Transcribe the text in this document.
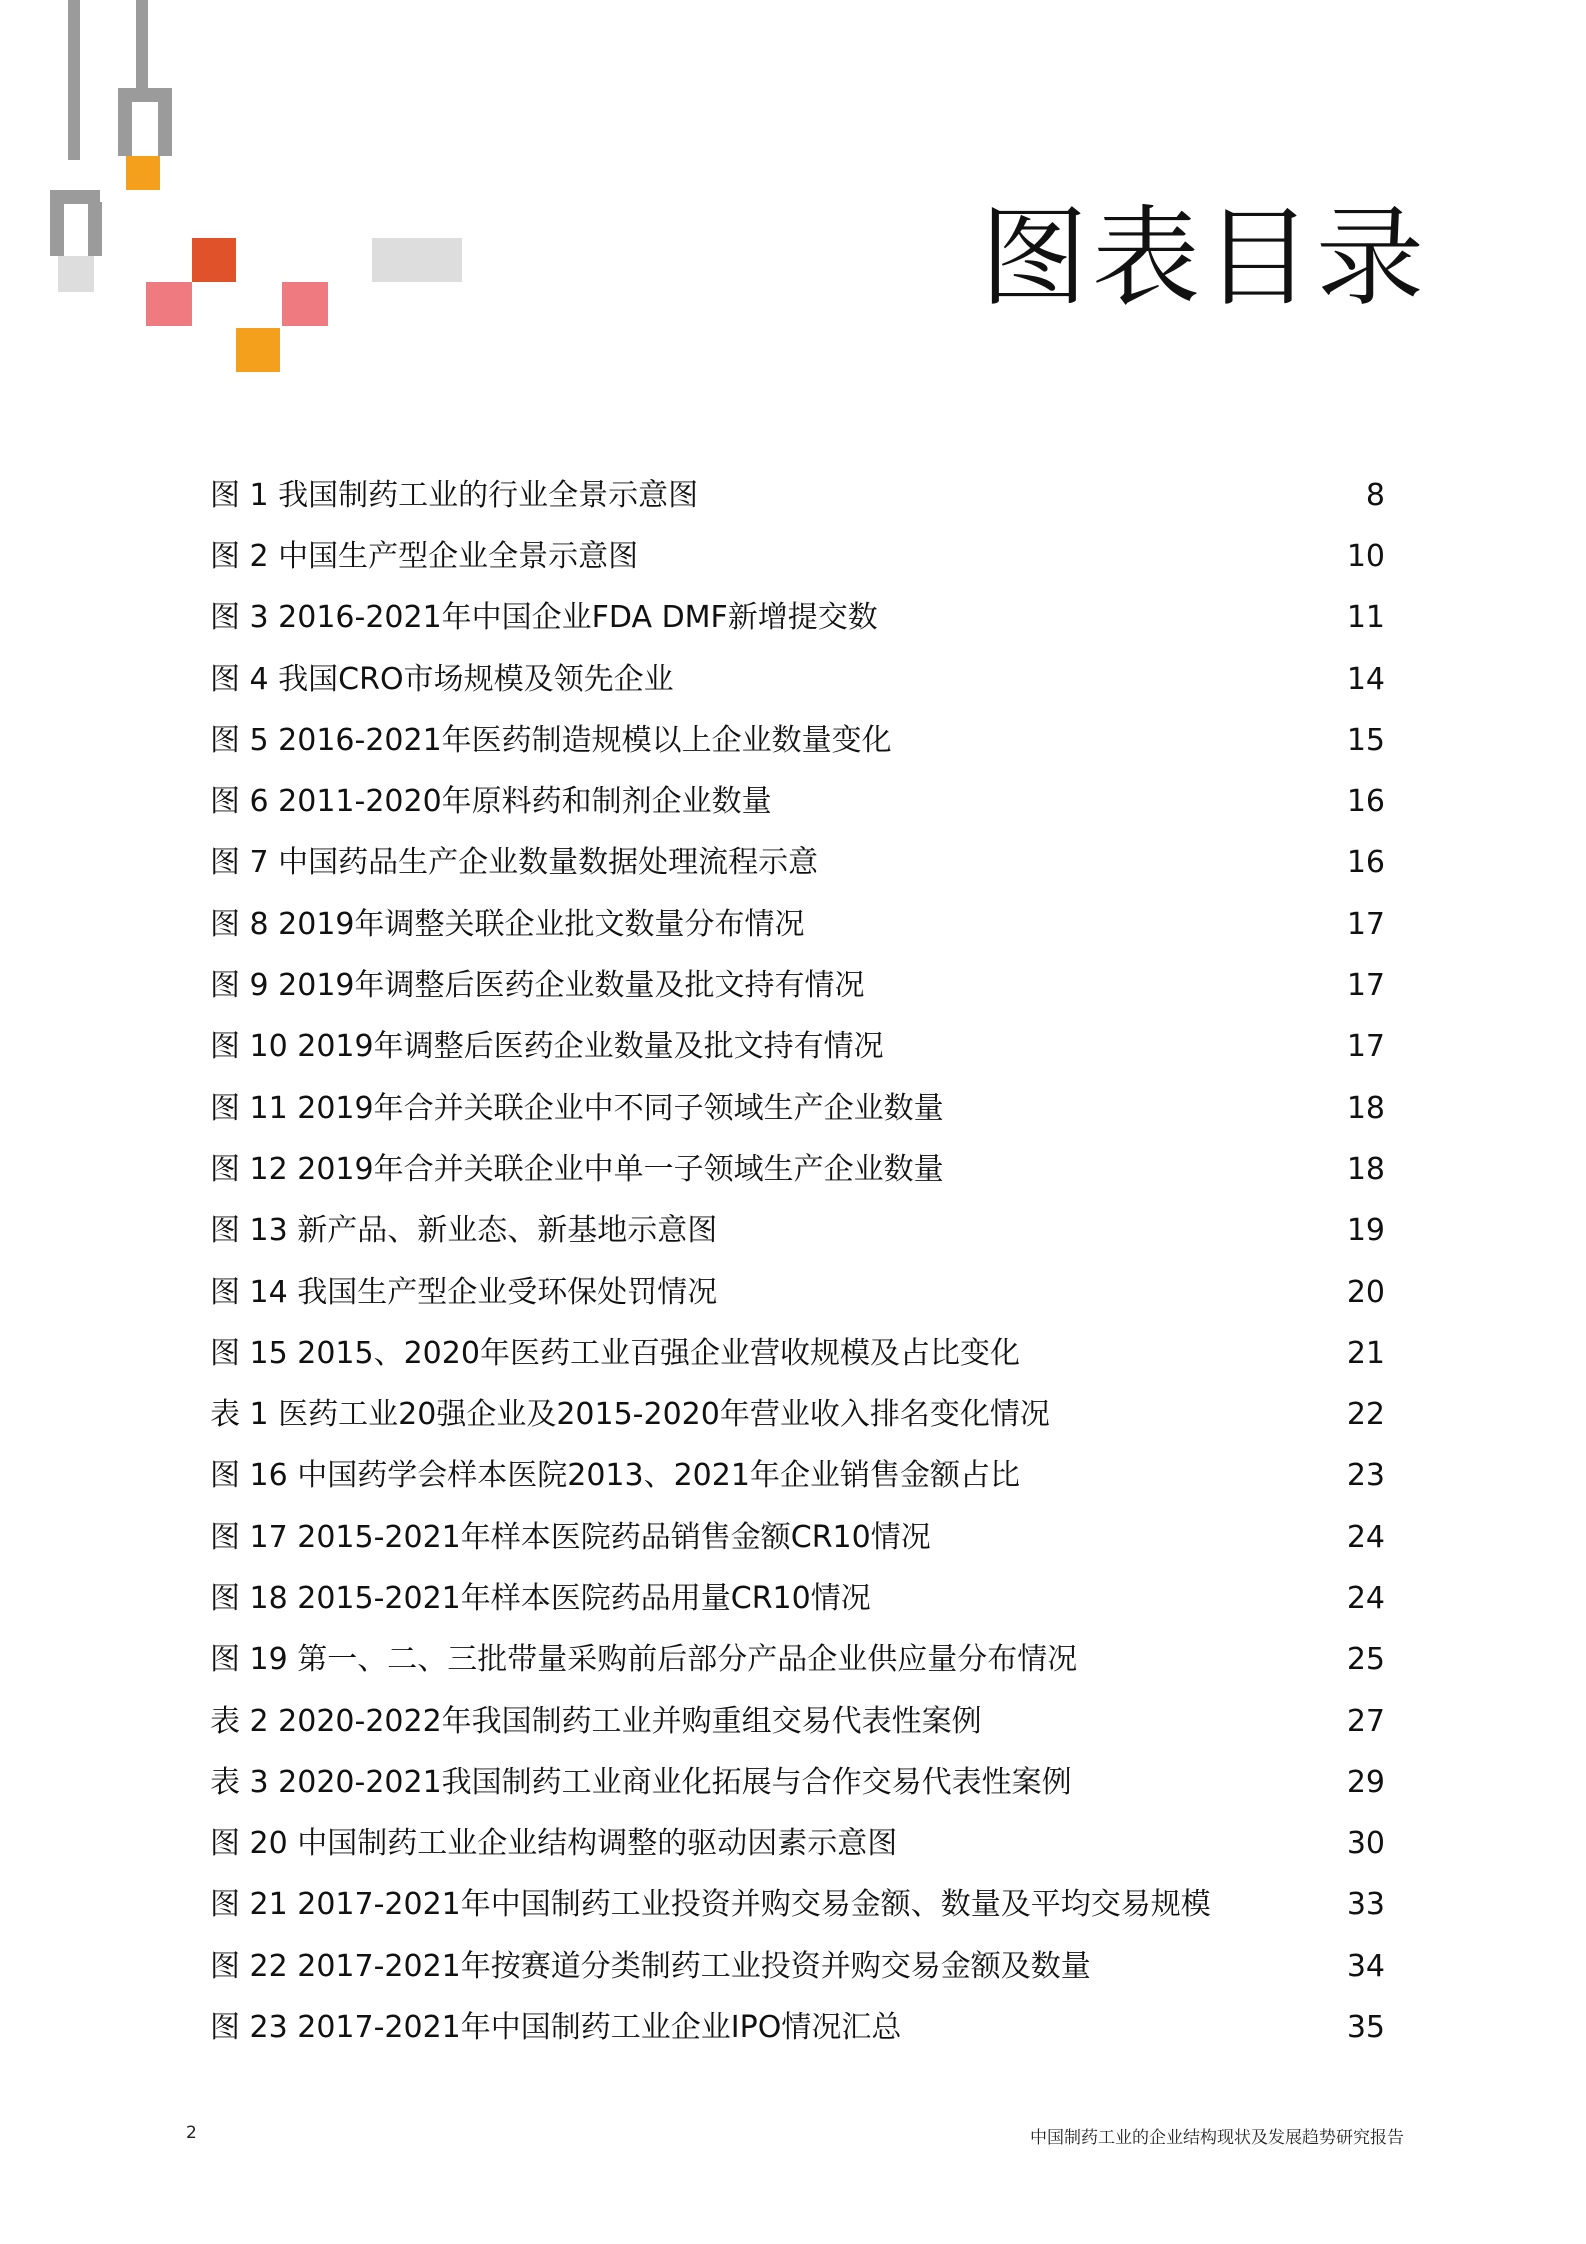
图表目录
图 1 我国制药工业的行业全景示意图	8
图 2 中国生产型企业全景示意图	10
图 3 2016-2021年中国企业FDA DMF新增提交数	11
图 4 我国CRO市场规模及领先企业	14
图 5 2016-2021年医药制造规模以上企业数量变化	15
图 6 2011-2020年原料药和制剂企业数量	16
图 7 中国药品生产企业数量数据处理流程示意	16
图 8 2019年调整关联企业批文数量分布情况	17
图 9 2019年调整后医药企业数量及批文持有情况	17
图 10 2019年调整后医药企业数量及批文持有情况	17
图 11 2019年合并关联企业中不同子领域生产企业数量	18
图 12 2019年合并关联企业中单一子领域生产企业数量	18
图 13 新产品、新业态、新基地示意图	19
图 14 我国生产型企业受环保处罚情况	20
图 15 2015、2020年医药工业百强企业营收规模及占比变化	21
表 1 医药工业20强企业及2015-2020年营业收入排名变化情况	22
图 16 中国药学会样本医院2013、2021年企业销售金额占比	23
图 17 2015-2021年样本医院药品销售金额CR10情况	24
图 18 2015-2021年样本医院药品用量CR10情况	24
图 19 第一、二、三批带量采购前后部分产品企业供应量分布情况	25
表 2 2020-2022年我国制药工业并购重组交易代表性案例	27
表 3 2020-2021我国制药工业商业化拓展与合作交易代表性案例	29
图 20 中国制药工业企业结构调整的驱动因素示意图	30
图 21 2017-2021年中国制药工业投资并购交易金额、数量及平均交易规模	33
图 22 2017-2021年按赛道分类制药工业投资并购交易金额及数量	34
图 23 2017-2021年中国制药工业企业IPO情况汇总	35
2	中国制药工业的企业结构现状及发展趋势研究报告
